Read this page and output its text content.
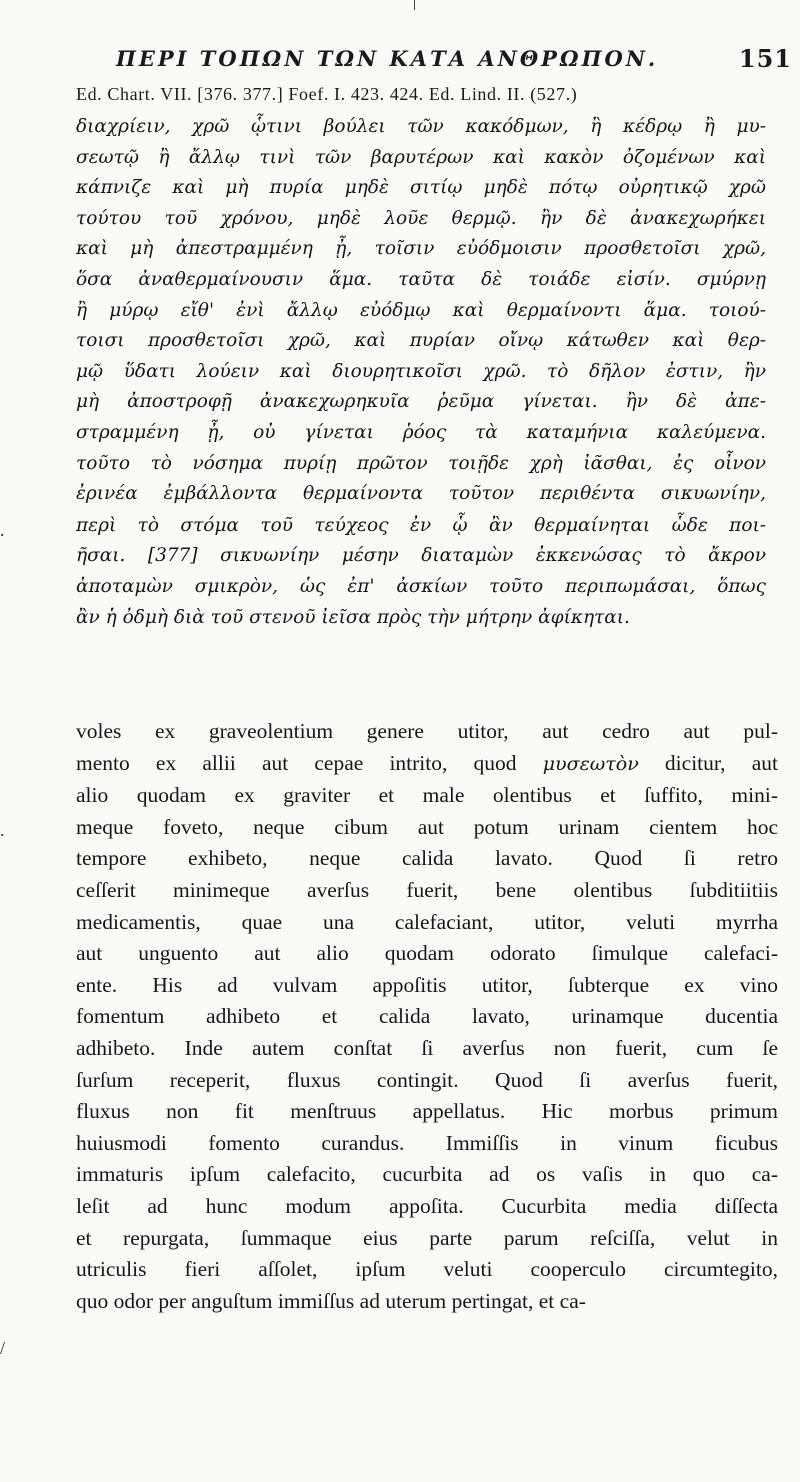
ΠΕΡΙ ΤΟΠΩΝ ΤΩΝ ΚΑΤΑ ΑΝΘΡΩΠΟΝ.	151
Ed. Chart. VII. [376. 377.] Foef. I. 423. 424. Ed. Lind. II. (527.)
διαχρίειν, χρῶ ᾧτινι βούλει τῶν κακόδμων, ἢ κέδρῳ ἢ μυ-
σεωτῷ ἢ ἄλλῳ τινὶ τῶν βαρυτέρων καὶ κακὸν ὀζομένων καὶ
κάπνιζε καὶ μὴ πυρία μηδὲ σιτίῳ μηδὲ πότῳ οὐρητικῷ χρῶ
τούτου τοῦ χρόνου, μηδὲ λοῦε θερμῷ. ἢν δὲ ἀνακεχωρήκει
καὶ μὴ ἀπεστραμμένη ᾖ, τοῖσιν εὐόδμοισιν προσθετοῖσι χρῶ,
ὅσα ἀναθερμαίνουσιν ἅμα. ταῦτα δὲ τοιάδε εἰσίν. σμύρνῃ
ἢ μύρῳ εἴθ' ἐνὶ ἄλλῳ εὐόδμῳ καὶ θερμαίνοντι ἅμα. τοιού-
τοισι προσθετοῖσι χρῶ, καὶ πυρίαν οἴνῳ κάτωθεν καὶ θερ-
μῷ ὕδατι λούειν καὶ διουρητικοῖσι χρῶ. τὸ δῆλον ἐστιν, ἢν
μὴ ἀποστροφῇ ἀνακεχωρηκυῖα ῥεῦμα γίνεται. ἢν δὲ ἀπε-
στραμμένη ᾖ, οὐ γίνεται ῥόος τὰ καταμήνια καλεύμενα.
τοῦτο τὸ νόσημα πυρίῃ πρῶτον τοιῇδε χρὴ ἰᾶσθαι, ἐς οἶνον
ἐρινέα ἐμβάλλοντα θερμαίνοντα τοῦτον περιθέντα σικυωνίην,
περὶ τὸ στόμα τοῦ τεύχεος ἐν ᾧ ἂν θερμαίνηται ὧδε ποι-
ῆσαι. [377] σικυωνίην μέσην διαταμὼν ἐκκενώσας τὸ ἄκρον
ἀποταμὼν σμικρὸν, ὡς ἐπ' ἀσκίων τοῦτο περιπωμάσαι, ὅπως
ἂν ἡ ὀδμὴ διὰ τοῦ στενοῦ ἰεῖσα πρὸς τὴν μήτρην ἀφίκηται.
voles ex graveolentium genere utitor, aut cedro aut pul-
mento ex allii aut cepae intrito, quod μυσεωτὸν dicitur, aut
alio quodam ex graviter et male olentibus et ſuffito, mini-
meque foveto, neque cibum aut potum urinam cientem hoc
tempore exhibeto, neque calida lavato. Quod ſi retro
ceſſerit minimeque averſus fuerit, bene olentibus ſubditiitiis
medicamentis, quae una calefaciant, utitor, veluti myrrha
aut unguento aut alio quodam odorato ſimulque calefaci-
ente. His ad vulvam appoſitis utitor, ſubterque ex vino
fomentum adhibeto et calida lavato, urinamque ducentia
adhibeto. Inde autem conſtat ſi averſus non fuerit, cum ſe
ſurſum receperit, fluxus contingit. Quod ſi averſus fuerit,
fluxus non fit menſtruus appellatus. Hic morbus primum
huiusmodi fomento curandus. Immiſſis in vinum ficubus
immaturis ipſum calefacito, cucurbita ad os vaſis in quo ca-
leſit ad hunc modum appoſita. Cucurbita media diſſecta
et repurgata, ſummaque eius parte parum reſciſſa, velut in
utriculis fieri aſſolet, ipſum veluti cooperculo circumtegito,
quo odor per anguſtum immiſſus ad uterum pertingat, et ca-
.
.
/
